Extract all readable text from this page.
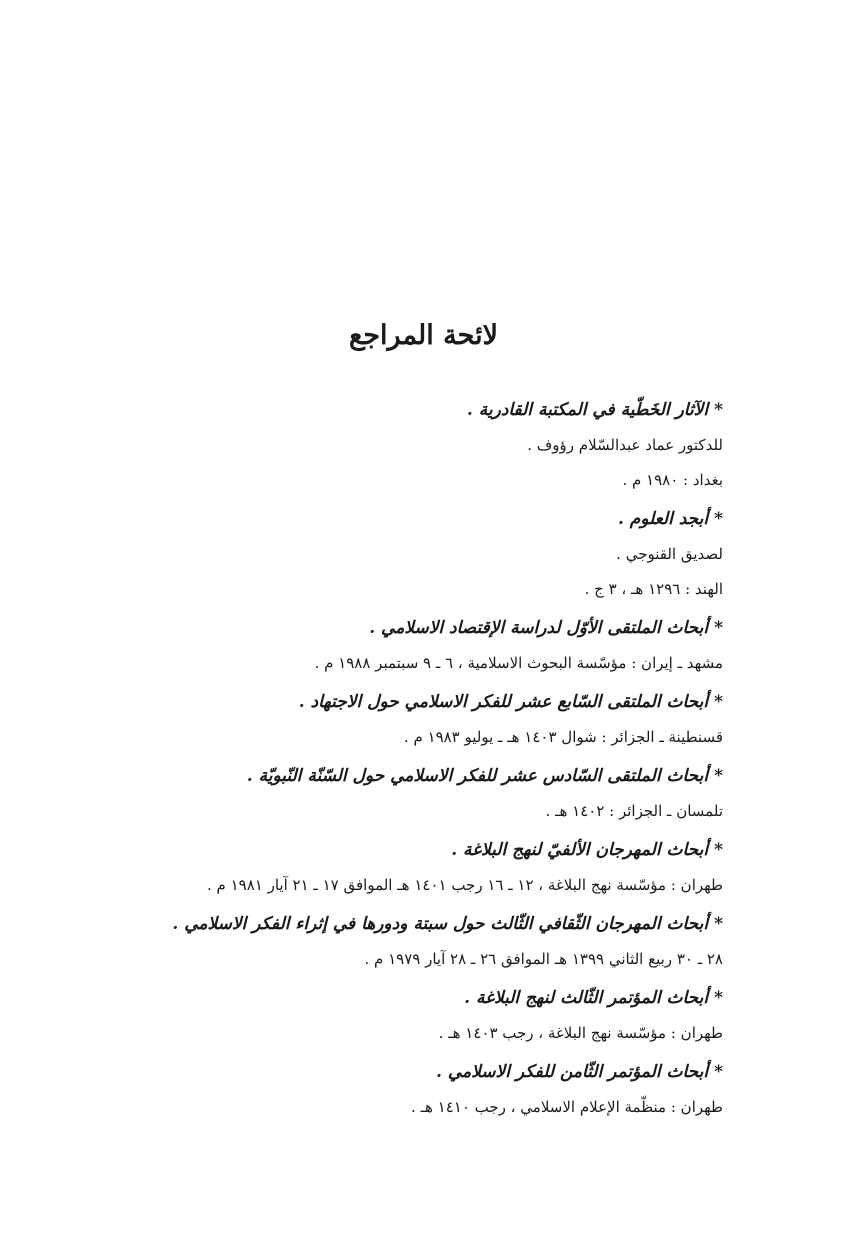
لائحة المراجع
*الآثار الخَطّية في المكتبة القادرية .
للدكتور عماد عبدالسّلام رؤوف .
بغداد : ١٩٨٠ م .
*أبجد العلوم .
لصديق القنوجي .
الهند : ١٢٩٦ هـ ، ٣ ج .
*أبحاث الملتقى الأوّل لدراسة الإقتصاد الاسلامي .
مشهد ـ إيران : مؤسّسة البحوث الاسلامية ، ٦ ـ ٩ سبتمبر ١٩٨٨ م .
*أبحاث الملتقى السّابع عشر للفكر الاسلامي حول الاجتهاد .
قسنطينة ـ الجزائر : شوال ١٤٠٣ هـ ـ يوليو ١٩٨٣ م .
*أبحاث الملتقى السّادس عشر للفكر الاسلامي حول السّنّة النّبويّة .
تلمسان ـ الجزائر : ١٤٠٢ هـ .
*أبحاث المهرجان الألفيّ لنهج البلاغة .
طهران : مؤسّسة نهج البلاغة ، ١٢ ـ ١٦ رجب ١٤٠١ هـ الموافق ١٧ ـ ٢١ آيار ١٩٨١ م .
*أبحاث المهرجان الثّقافي الثّالث حول سبتة ودورها في إثراء الفكر الاسلامي .
٢٨ ـ ٣٠ ربيع الثاني ١٣٩٩ هـ الموافق ٢٦ ـ ٢٨ آيار ١٩٧٩ م .
*أبحاث المؤتمر الثّالث لنهج البلاغة .
طهران : مؤسّسة نهج البلاغة ، رجب ١٤٠٣ هـ .
*أبحاث المؤتمر الثّامن للفكر الاسلامي .
طهران : منظّمة الإعلام الاسلامي ، رجب ١٤١٠ هـ .
